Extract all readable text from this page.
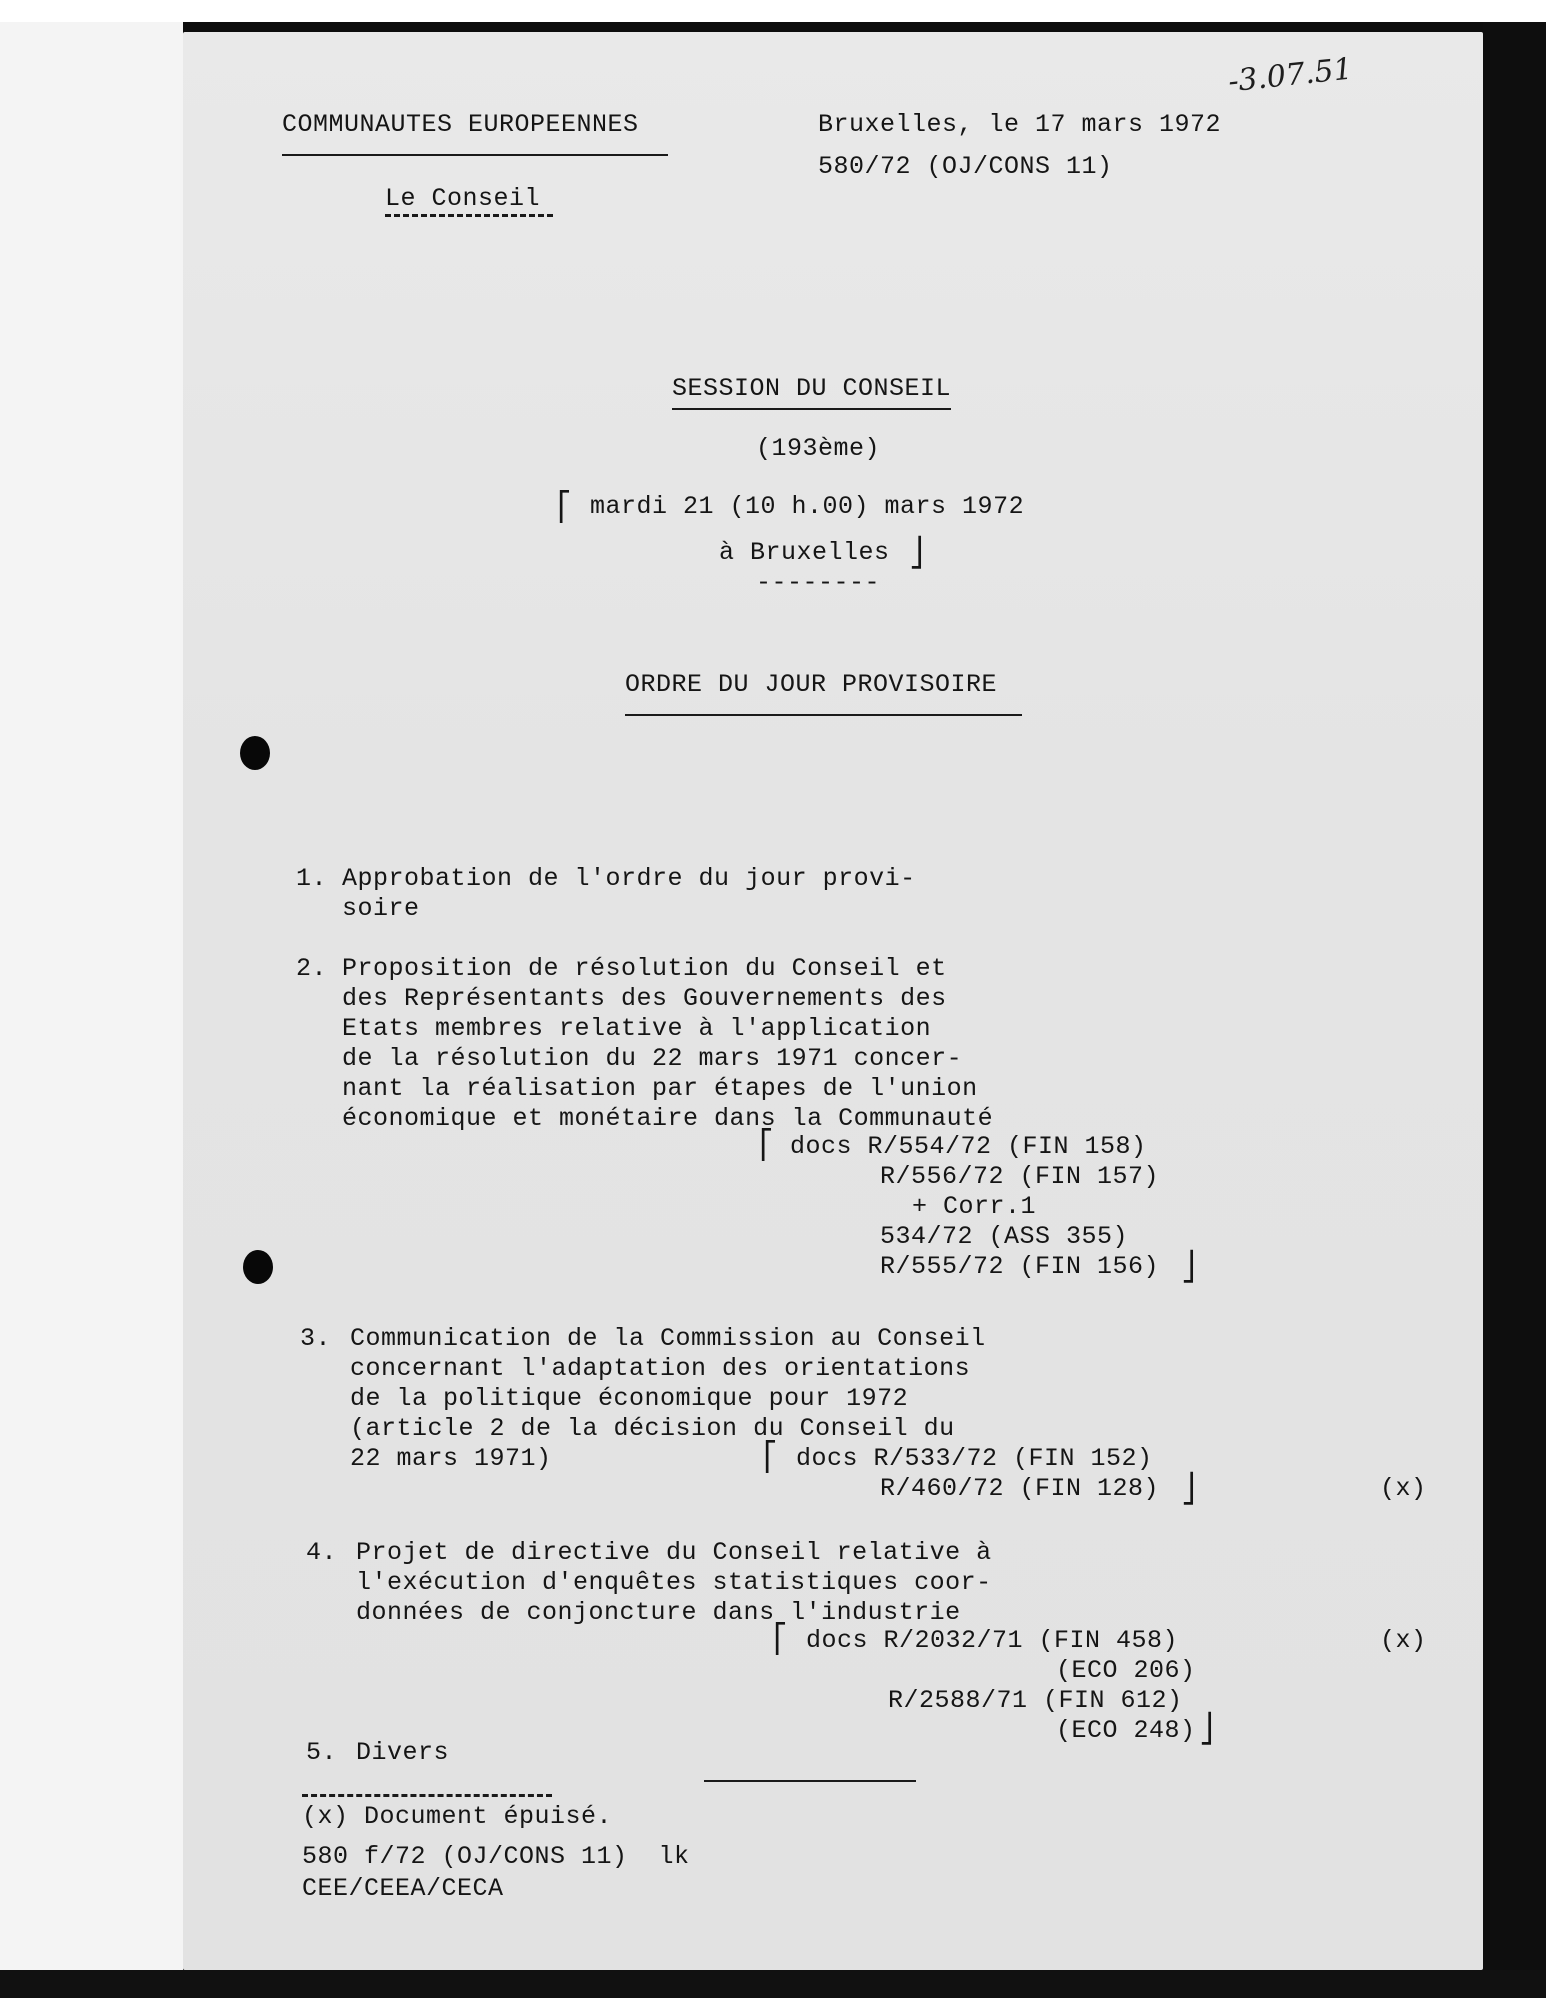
-3.07.51
COMMUNAUTES EUROPEENNES
Le Conseil
Bruxelles, le 17 mars 1972
580/72 (OJ/CONS 11)
SESSION DU CONSEIL
(193ème)
⎡ mardi 21 (10 h.00) mars 1972
à Bruxelles ⎦
--------
ORDRE DU JOUR PROVISOIRE
1. Approbation de l'ordre du jour provi-
soire
2. Proposition de résolution du Conseil et
des Représentants des Gouvernements des
Etats membres relative à l'application
de la résolution du 22 mars 1971 concer-
nant la réalisation par étapes de l'union
économique et monétaire dans la Communauté
⎡ docs R/554/72 (FIN 158)
R/556/72 (FIN 157)
+ Corr.1
534/72 (ASS 355)
R/555/72 (FIN 156) ⎦
3. Communication de la Commission au Conseil
concernant l'adaptation des orientations
de la politique économique pour 1972
(article 2 de la décision du Conseil du
22 mars 1971)	⎡ docs R/533/72 (FIN 152)
R/460/72 (FIN 128) ⎦	(x)
4. Projet de directive du Conseil relative à
l'exécution d'enquêtes statistiques coor-
données de conjoncture dans l'industrie
⎡ docs R/2032/71 (FIN 458)
(ECO 206)
R/2588/71 (FIN 612)
(ECO 248) ⎦
(x)
5. Divers
(x) Document épuisé.
580 f/72 (OJ/CONS 11)  lk
CEE/CEEA/CECA
